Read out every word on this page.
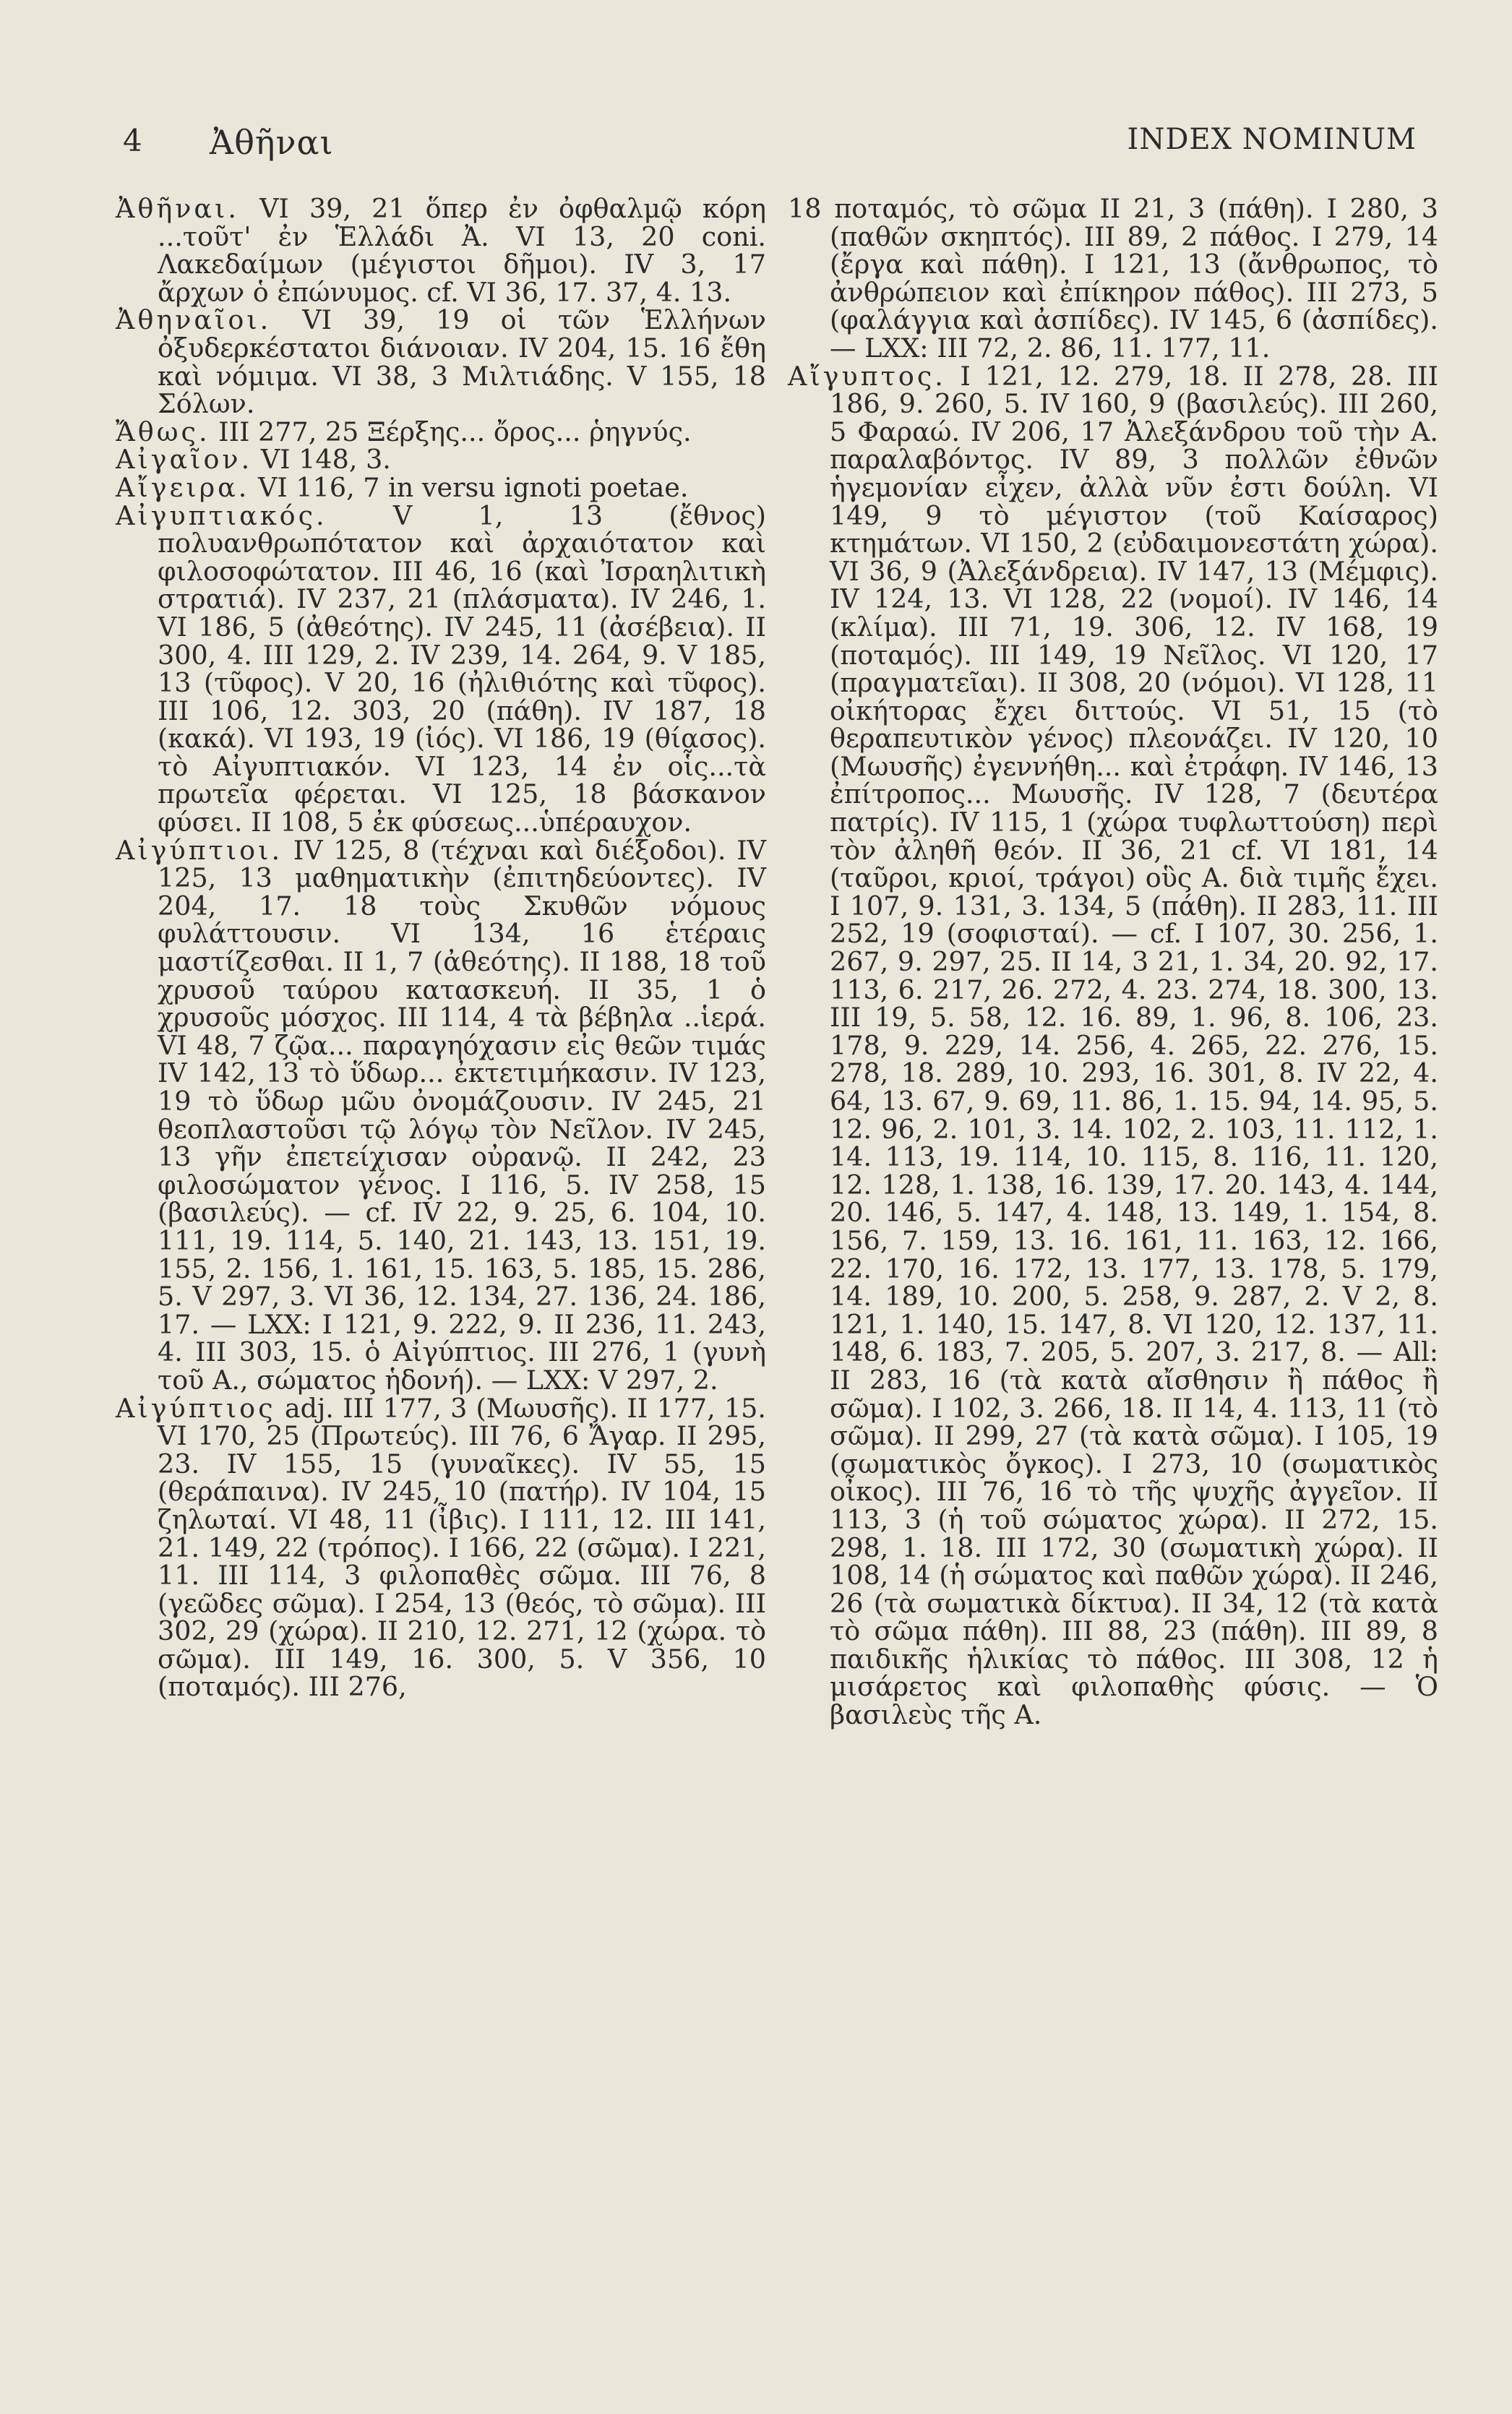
4 Ἀθῆναι	INDEX NOMINUM

Ἀθῆναι. VI 39, 21 ὅπερ ἐν ὀφθαλμῷ κόρη ...τοῦτ' ἐν Ἑλλάδι Ἀ. VI 13, 20 coni. Λακεδαίμων (μέγιστοι δῆμοι). IV 3, 17 ἄρχων ὁ ἐπώνυμος. cf. VI 36, 17. 37, 4. 13.

Ἀθηναῖοι. VI 39, 19 οἱ τῶν Ἑλλήνων ὀξυδερκέστατοι διάνοιαν. IV 204, 15. 16 ἔθη καὶ νόμιμα. VI 38, 3 Μιλτιάδης. V 155, 18 Σόλων.

Ἄθως. III 277, 25 Ξέρξης... ὄρος... ῥηγνύς.

Αἰγαῖον. VI 148, 3.

Αἴγειρα. VI 116, 7 in versu ignoti poetae.

Αἰγυπτιακός. V 1, 13 (ἔθνος) πολυανθρωπότατον καὶ ἀρχαιότατον καὶ φιλοσοφώτατον. III 46, 16 (καὶ Ἰσραηλιτικὴ στρατιά). IV 237, 21 (πλάσματα). IV 246, 1. VI 186, 5 (ἀθεότης). IV 245, 11 (ἀσέβεια). II 300, 4. III 129, 2. IV 239, 14. 264, 9. V 185, 13 (τῦφος). V 20, 16 (ἠλιθιότης καὶ τῦφος). III 106, 12. 303, 20 (πάθη). IV 187, 18 (κακά). VI 193, 19 (ἰός). VI 186, 19 (θίασος). τὸ Αἰγυπτιακόν. VI 123, 14 ἐν οἷς...τὰ πρωτεῖα φέρεται. VI 125, 18 βάσκανον φύσει. II 108, 5 ἐκ φύσεως...ὑπέραυχον.

Αἰγύπτιοι. IV 125, 8 (τέχναι καὶ διέξοδοι). IV 125, 13 μαθηματικὴν (ἐπιτηδεύοντες). IV 204, 17. 18 τοὺς Σκυθῶν νόμους φυλάττουσιν. VI 134, 16 ἑτέραις μαστίζεσθαι. II 1, 7 (ἀθεότης). II 188, 18 τοῦ χρυσοῦ ταύρου κατασκευή. II 35, 1 ὁ χρυσοῦς μόσχος. III 114, 4 τὰ βέβηλα ..ἱερά. VI 48, 7 ζῷα... παραγηόχασιν εἰς θεῶν τιμάς IV 142, 13 τὸ ὕδωρ... ἐκτετιμήκασιν. IV 123, 19 τὸ ὕδωρ μῶυ ὀνομάζουσιν. IV 245, 21 θεοπλαστοῦσι τῷ λόγῳ τὸν Νεῖλον. IV 245, 13 γῆν ἐπετείχισαν οὐρανῷ. II 242, 23 φιλοσώματον γένος. I 116, 5. IV 258, 15 (βασιλεύς). — cf. IV 22, 9. 25, 6. 104, 10. 111, 19. 114, 5. 140, 21. 143, 13. 151, 19. 155, 2. 156, 1. 161, 15. 163, 5. 185, 15. 286, 5. V 297, 3. VI 36, 12. 134, 27. 136, 24. 186, 17. — LXX: I 121, 9. 222, 9. II 236, 11. 243, 4. III 303, 15. ὁ Αἰγύπτιος. III 276, 1 (γυνὴ τοῦ Α., σώματος ἡδονή). — LXX: V 297, 2.

Αἰγύπτιος adj. III 177, 3 (Μωυσῆς). II 177, 15. VI 170, 25 (Πρωτεύς). III 76, 6 Ἄγαρ. II 295, 23. IV 155, 15 (γυναῖκες). IV 55, 15 (θεράπαινα). IV 245, 10 (πατήρ). IV 104, 15 ζηλωταί. VI 48, 11 (ἶβις). I 111, 12. III 141, 21. 149, 22 (τρόπος). I 166, 22 (σῶμα). I 221, 11. III 114, 3 φιλοπαθὲς σῶμα. III 76, 8 (γεῶδες σῶμα). I 254, 13 (θεός, τὸ σῶμα). III 302, 29 (χώρα). II 210, 12. 271, 12 (χώρα. τὸ σῶμα). III 149, 16. 300, 5. V 356, 10 (ποταμός). III 276,

18 ποταμός, τὸ σῶμα II 21, 3 (πάθη). I 280, 3 (παθῶν σκηπτός). III 89, 2 πάθος. I 279, 14 (ἔργα καὶ πάθη). I 121, 13 (ἄνθρωπος, τὸ ἀνθρώπειον καὶ ἐπίκηρον πάθος). III 273, 5 (φαλάγγια καὶ ἀσπίδες). IV 145, 6 (ἀσπίδες). — LXX: III 72, 2. 86, 11. 177, 11.

Αἴγυπτος. I 121, 12. 279, 18. II 278, 28. III 186, 9. 260, 5. IV 160, 9 (βασιλεύς). III 260, 5 Φαραώ. IV 206, 17 Ἀλεξάνδρου τοῦ τὴν Α. παραλαβόντος. IV 89, 3 πολλῶν ἐθνῶν ἡγεμονίαν εἶχεν, ἀλλὰ νῦν ἐστι δούλη. VI 149, 9 τὸ μέγιστον (τοῦ Καίσαρος) κτημάτων. VI 150, 2 (εὐδαιμονεστάτη χώρα). VI 36, 9 (Ἀλεξάνδρεια). IV 147, 13 (Μέμφις). IV 124, 13. VI 128, 22 (νομοί). IV 146, 14 (κλίμα). III 71, 19. 306, 12. IV 168, 19 (ποταμός). III 149, 19 Νεῖλος. VI 120, 17 (πραγματεῖαι). II 308, 20 (νόμοι). VI 128, 11 οἰκήτορας ἔχει διττούς. VI 51, 15 (τὸ θεραπευτικὸν γένος) πλεονάζει. IV 120, 10 (Μωυσῆς) ἐγεννήθη... καὶ ἐτράφη. IV 146, 13 ἐπίτροπος... Μωυσῆς. IV 128, 7 (δευτέρα πατρίς). IV 115, 1 (χώρα τυφλωττούση) περὶ τὸν ἀληθῆ θεόν. II 36, 21 cf. VI 181, 14 (ταῦροι, κριοί, τράγοι) οὓς Α. διὰ τιμῆς ἔχει. I 107, 9. 131, 3. 134, 5 (πάθη). II 283, 11. III 252, 19 (σοφισταί). — cf. I 107, 30. 256, 1. 267, 9. 297, 25. II 14, 3 21, 1. 34, 20. 92, 17. 113, 6. 217, 26. 272, 4. 23. 274, 18. 300, 13. III 19, 5. 58, 12. 16. 89, 1. 96, 8. 106, 23. 178, 9. 229, 14. 256, 4. 265, 22. 276, 15. 278, 18. 289, 10. 293, 16. 301, 8. IV 22, 4. 64, 13. 67, 9. 69, 11. 86, 1. 15. 94, 14. 95, 5. 12. 96, 2. 101, 3. 14. 102, 2. 103, 11. 112, 1. 14. 113, 19. 114, 10. 115, 8. 116, 11. 120, 12. 128, 1. 138, 16. 139, 17. 20. 143, 4. 144, 20. 146, 5. 147, 4. 148, 13. 149, 1. 154, 8. 156, 7. 159, 13. 16. 161, 11. 163, 12. 166, 22. 170, 16. 172, 13. 177, 13. 178, 5. 179, 14. 189, 10. 200, 5. 258, 9. 287, 2. V 2, 8. 121, 1. 140, 15. 147, 8. VI 120, 12. 137, 11. 148, 6. 183, 7. 205, 5. 207, 3. 217, 8. — All: II 283, 16 (τὰ κατὰ αἴσθησιν ἢ πάθος ἢ σῶμα). I 102, 3. 266, 18. II 14, 4. 113, 11 (τὸ σῶμα). II 299, 27 (τὰ κατὰ σῶμα). I 105, 19 (σωματικὸς ὄγκος). I 273, 10 (σωματικὸς οἶκος). III 76, 16 τὸ τῆς ψυχῆς ἀγγεῖον. II 113, 3 (ἡ τοῦ σώματος χώρα). II 272, 15. 298, 1. 18. III 172, 30 (σωματικὴ χώρα). II 108, 14 (ἡ σώματος καὶ παθῶν χώρα). II 246, 26 (τὰ σωματικὰ δίκτυα). II 34, 12 (τὰ κατὰ τὸ σῶμα πάθη). III 88, 23 (πάθη). III 89, 8 παιδικῆς ἡλικίας τὸ πάθος. III 308, 12 ἡ μισάρετος καὶ φιλοπαθὴς φύσις. — Ὁ βασιλεὺς τῆς Α.
